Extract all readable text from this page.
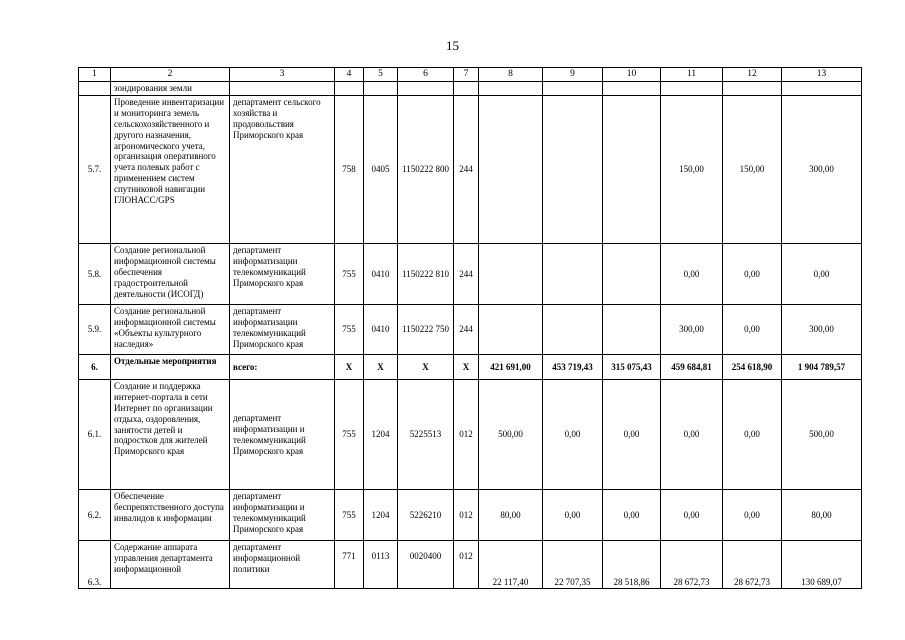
15
1	2	3	4	5	6	7	8	9	10	11	12	13
	зондирования земли											
5.7.	Проведение инвентаризации и мониторинга земель сельскохозяйственного и другого назначения, агрономического учета, организация оперативного учета полевых работ с применением систем спутниковой навигации ГЛОНАСС/GPS	департамент сельского хозяйства и продовольствия Приморского края	758	0405	1150222 800	244				150,00	150,00	300,00
5.8.	Создание региональной информационной системы обеспечения градостроительной деятельности (ИСОГД)	департамент информатизации телекоммуникаций Приморского края	755	0410	1150222 810	244				0,00	0,00	0,00
5.9.	Создание региональной информационной системы «Объекты культурного наследия»	департамент информатизации телекоммуникаций Приморского края	755	0410	1150222 750	244				300,00	0,00	300,00
6.	Отдельные мероприятия	всего:	Х	Х	Х	Х	421 691,00	453 719,43	315 075,43	459 684,81	254 618,90	1 904 789,57
6.1.	Создание и поддержка интернет-портала в сети Интернет по организации отдыха, оздоровления, занятости детей и подростков для жителей Приморского края	департамент информатизации и телекоммуникаций Приморского края	755	1204	5225513	012	500,00	0,00	0,00	0,00	0,00	500,00
6.2.	Обеспечение беспрепятственного доступа инвалидов к информации	департамент информатизации и телекоммуникаций Приморского края	755	1204	5226210	012	80,00	0,00	0,00	0,00	0,00	80,00
6.3.	Содержание аппарата управления департамента информационной	департамент информационной политики	771	0113	0020400	012	22 117,40	22 707,35	28 518,86	28 672,73	28 672,73	130 689,07
